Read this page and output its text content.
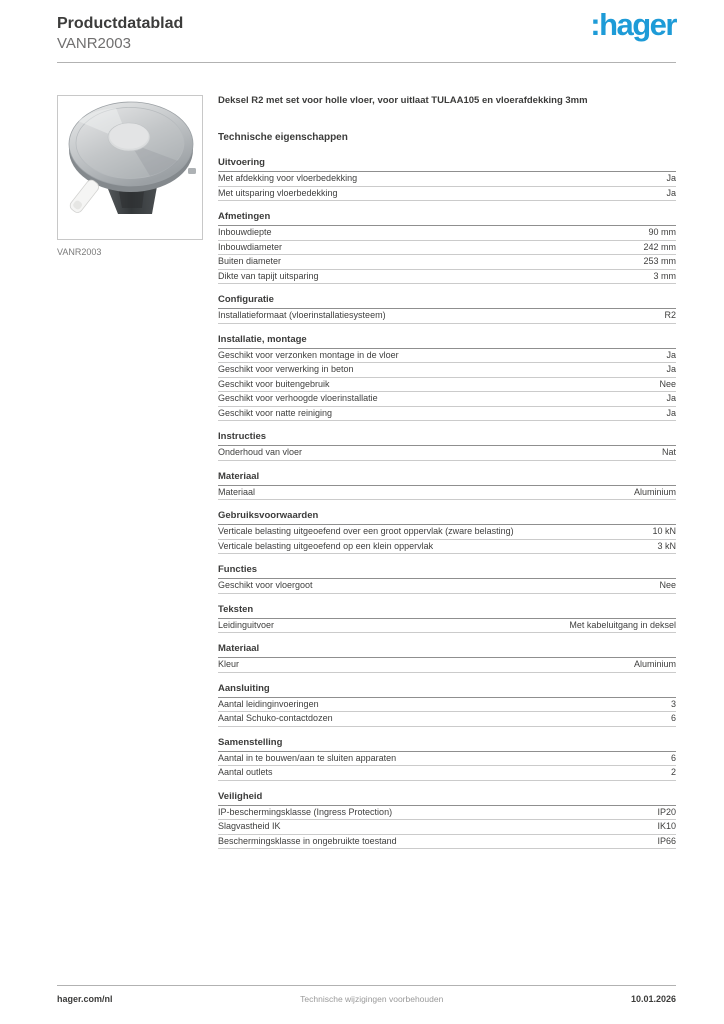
Productdatablad
VANR2003
:hager
VANR2003
Deksel R2 met set voor holle vloer, voor uitlaat TULAA105 en vloerafdekking 3mm
Technische eigenschappen
Uitvoering
Met afdekking voor vloerbedekking	Ja
Met uitsparing vloerbedekking	Ja
Afmetingen
Inbouwdiepte	90 mm
Inbouwdiameter	242 mm
Buiten diameter	253 mm
Dikte van tapijt uitsparing	3 mm
Configuratie
Installatieformaat (vloerinstallatiesysteem)	R2
Installatie, montage
Geschikt voor verzonken montage in de vloer	Ja
Geschikt voor verwerking in beton	Ja
Geschikt voor buitengebruik	Nee
Geschikt voor verhoogde vloerinstallatie	Ja
Geschikt voor natte reiniging	Ja
Instructies
Onderhoud van vloer	Nat
Materiaal
Materiaal	Aluminium
Gebruiksvoorwaarden
Verticale belasting uitgeoefend over een groot oppervlak (zware belasting)	10 kN
Verticale belasting uitgeoefend op een klein oppervlak	3 kN
Functies
Geschikt voor vloergoot	Nee
Teksten
Leidinguitvoer	Met kabeluitgang in deksel
Materiaal
Kleur	Aluminium
Aansluiting
Aantal leidinginvoeringen	3
Aantal Schuko-contactdozen	6
Samenstelling
Aantal in te bouwen/aan te sluiten apparaten	6
Aantal outlets	2
Veiligheid
IP-beschermingsklasse (Ingress Protection)	IP20
Slagvastheid IK	IK10
Beschermingsklasse in ongebruikte toestand	IP66
hager.com/nl	Technische wijzigingen voorbehouden	10.01.2026
